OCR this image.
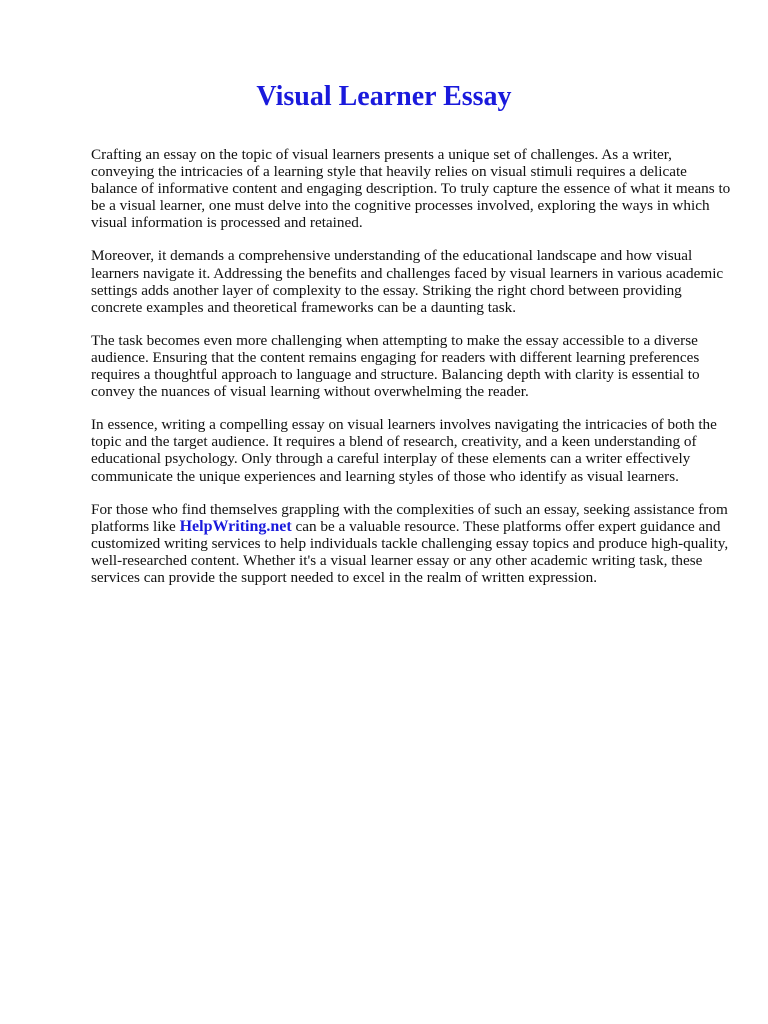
Visual Learner Essay

Crafting an essay on the topic of visual learners presents a unique set of challenges. As a writer, conveying the intricacies of a learning style that heavily relies on visual stimuli requires a delicate balance of informative content and engaging description. To truly capture the essence of what it means to be a visual learner, one must delve into the cognitive processes involved, exploring the ways in which visual information is processed and retained.

Moreover, it demands a comprehensive understanding of the educational landscape and how visual learners navigate it. Addressing the benefits and challenges faced by visual learners in various academic settings adds another layer of complexity to the essay. Striking the right chord between providing concrete examples and theoretical frameworks can be a daunting task.

The task becomes even more challenging when attempting to make the essay accessible to a diverse audience. Ensuring that the content remains engaging for readers with different learning preferences requires a thoughtful approach to language and structure. Balancing depth with clarity is essential to convey the nuances of visual learning without overwhelming the reader.

In essence, writing a compelling essay on visual learners involves navigating the intricacies of both the topic and the target audience. It requires a blend of research, creativity, and a keen understanding of educational psychology. Only through a careful interplay of these elements can a writer effectively communicate the unique experiences and learning styles of those who identify as visual learners.

For those who find themselves grappling with the complexities of such an essay, seeking assistance from platforms like HelpWriting.net can be a valuable resource. These platforms offer expert guidance and customized writing services to help individuals tackle challenging essay topics and produce high-quality, well-researched content. Whether it's a visual learner essay or any other academic writing task, these services can provide the support needed to excel in the realm of written expression.
